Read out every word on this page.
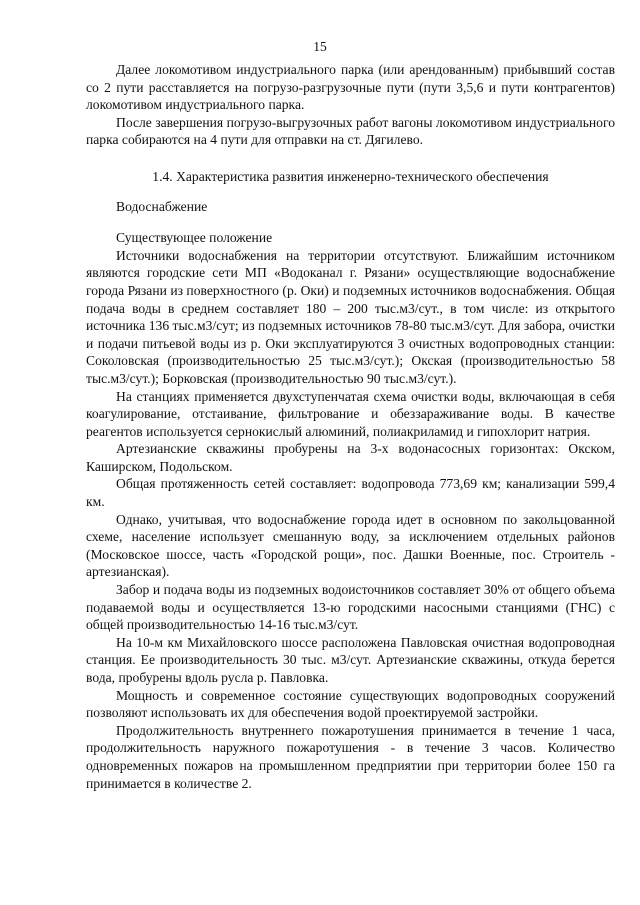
15

Далее локомотивом индустриального парка (или арендованным) прибывший состав со 2 пути расставляется на погрузо-разгрузочные пути (пути 3,5,6 и пути контрагентов) локомотивом индустриального парка.

После завершения погрузо-выгрузочных работ вагоны локомотивом индустриального парка собираются на 4 пути для отправки на ст. Дягилево.

1.4. Характеристика развития инженерно-технического обеспечения

Водоснабжение

Существующее положение

Источники водоснабжения на территории отсутствуют. Ближайшим источником являются городские сети МП «Водоканал г. Рязани» осуществляющие водоснабжение города Рязани из поверхностного (р. Оки) и подземных источников водоснабжения. Общая подача воды в среднем составляет 180 – 200 тыс.м3/сут., в том числе: из открытого источника 136 тыс.м3/сут; из подземных источников 78-80 тыс.м3/сут. Для забора, очистки и подачи питьевой воды из р. Оки эксплуатируются 3 очистных водопроводных станции: Соколовская (производительностью 25 тыс.м3/сут.); Окская (производительностью 58 тыс.м3/сут.); Борковская (производительностью 90 тыс.м3/сут.).

На станциях применяется двухступенчатая схема очистки воды, включающая в себя коагулирование, отстаивание, фильтрование и обеззараживание воды. В качестве реагентов используется сернокислый алюминий, полиакриламид и гипохлорит натрия.

Артезианские скважины пробурены на 3-х водонасосных горизонтах: Окском, Каширском, Подольском.

Общая протяженность сетей составляет: водопровода 773,69 км; канализации 599,4 км.

Однако, учитывая, что водоснабжение города идет в основном по закольцованной схеме, население использует смешанную воду, за исключением отдельных районов (Московское шоссе, часть «Городской рощи», пос. Дашки Военные, пос. Строитель - артезианская).

Забор и подача воды из подземных водоисточников составляет 30% от общего объема подаваемой воды и осуществляется 13-ю городскими насосными станциями (ГНС) с общей производительностью 14-16 тыс.м3/сут.

На 10-м км Михайловского шоссе расположена Павловская очистная водопроводная станция. Ее производительность 30 тыс. м3/сут. Артезианские скважины, откуда берется вода, пробурены вдоль русла р. Павловка.

Мощность и современное состояние существующих водопроводных сооружений позволяют использовать их для обеспечения водой проектируемой застройки.

Продолжительность внутреннего пожаротушения принимается в течение 1 часа, продолжительность наружного пожаротушения - в течение 3 часов. Количество одновременных пожаров на промышленном предприятии при территории более 150 га принимается в количестве 2.
